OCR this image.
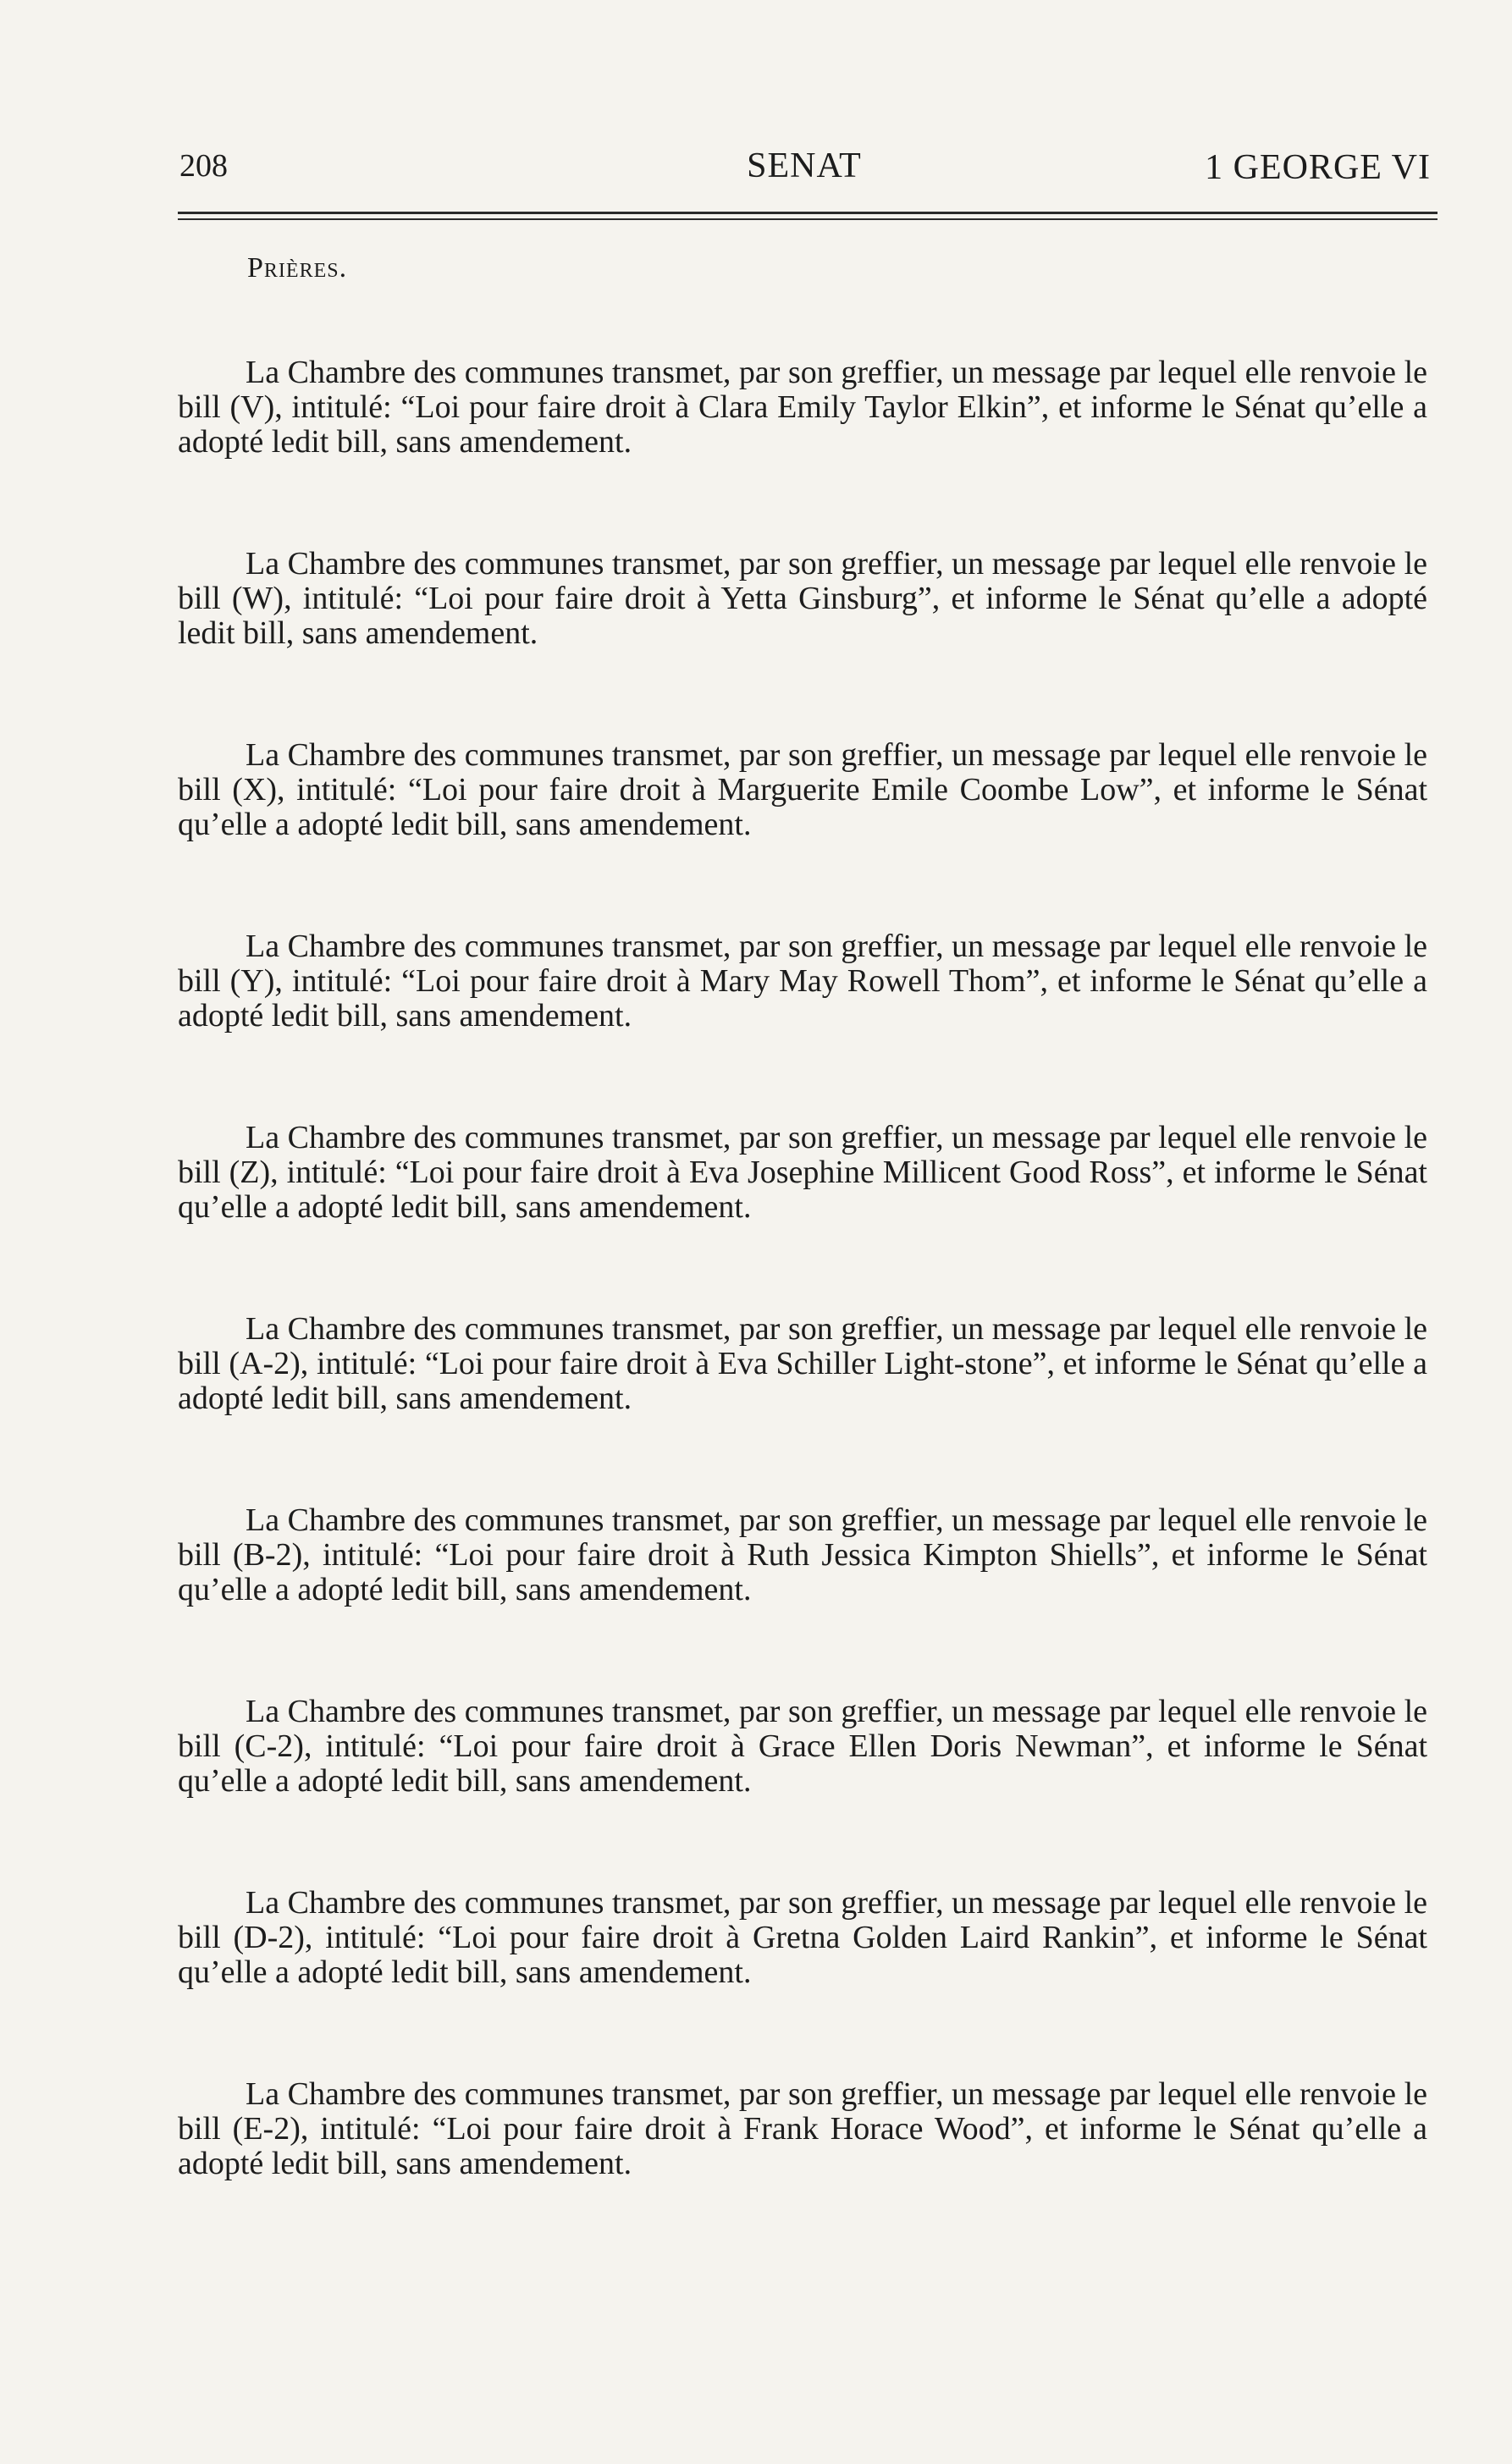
208	SENAT	1 GEORGE VI
Prières.

La Chambre des communes transmet, par son greffier, un message par lequel elle renvoie le bill (V), intitulé: “Loi pour faire droit à Clara Emily Taylor Elkin”, et informe le Sénat qu’elle a adopté ledit bill, sans amendement.

La Chambre des communes transmet, par son greffier, un message par lequel elle renvoie le bill (W), intitulé: “Loi pour faire droit à Yetta Ginsburg”, et informe le Sénat qu’elle a adopté ledit bill, sans amendement.

La Chambre des communes transmet, par son greffier, un message par lequel elle renvoie le bill (X), intitulé: “Loi pour faire droit à Marguerite Emile Coombe Low”, et informe le Sénat qu’elle a adopté ledit bill, sans amendement.

La Chambre des communes transmet, par son greffier, un message par lequel elle renvoie le bill (Y), intitulé: “Loi pour faire droit à Mary May Rowell Thom”, et informe le Sénat qu’elle a adopté ledit bill, sans amendement.

La Chambre des communes transmet, par son greffier, un message par lequel elle renvoie le bill (Z), intitulé: “Loi pour faire droit à Eva Josephine Millicent Good Ross”, et informe le Sénat qu’elle a adopté ledit bill, sans amendement.

La Chambre des communes transmet, par son greffier, un message par lequel elle renvoie le bill (A-2), intitulé: “Loi pour faire droit à Eva Schiller Light-stone”, et informe le Sénat qu’elle a adopté ledit bill, sans amendement.

La Chambre des communes transmet, par son greffier, un message par lequel elle renvoie le bill (B-2), intitulé: “Loi pour faire droit à Ruth Jessica Kimpton Shiells”, et informe le Sénat qu’elle a adopté ledit bill, sans amendement.

La Chambre des communes transmet, par son greffier, un message par lequel elle renvoie le bill (C-2), intitulé: “Loi pour faire droit à Grace Ellen Doris Newman”, et informe le Sénat qu’elle a adopté ledit bill, sans amendement.

La Chambre des communes transmet, par son greffier, un message par lequel elle renvoie le bill (D-2), intitulé: “Loi pour faire droit à Gretna Golden Laird Rankin”, et informe le Sénat qu’elle a adopté ledit bill, sans amendement.

La Chambre des communes transmet, par son greffier, un message par lequel elle renvoie le bill (E-2), intitulé: “Loi pour faire droit à Frank Horace Wood”, et informe le Sénat qu’elle a adopté ledit bill, sans amendement.
